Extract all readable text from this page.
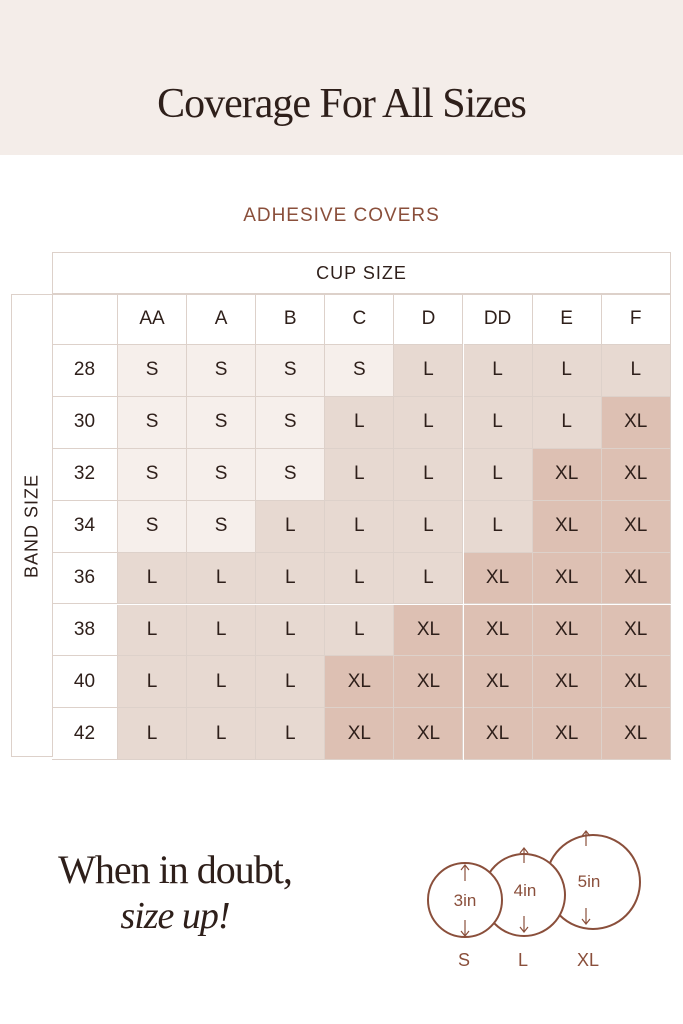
Coverage For All Sizes
ADHESIVE COVERS
CUP SIZE
BAND SIZE
AA	A	B	C	D	DD	E	F
28	S	S	S	S	L	L	L	L
30	S	S	S	L	L	L	L	XL
32	S	S	S	L	L	L	XL	XL
34	S	S	L	L	L	L	XL	XL
36	L	L	L	L	L	XL	XL	XL
38	L	L	L	L	XL	XL	XL	XL
40	L	L	L	XL	XL	XL	XL	XL
42	L	L	L	XL	XL	XL	XL	XL
When in doubt,
size up!
5in
4in
3in
S	L	XL
